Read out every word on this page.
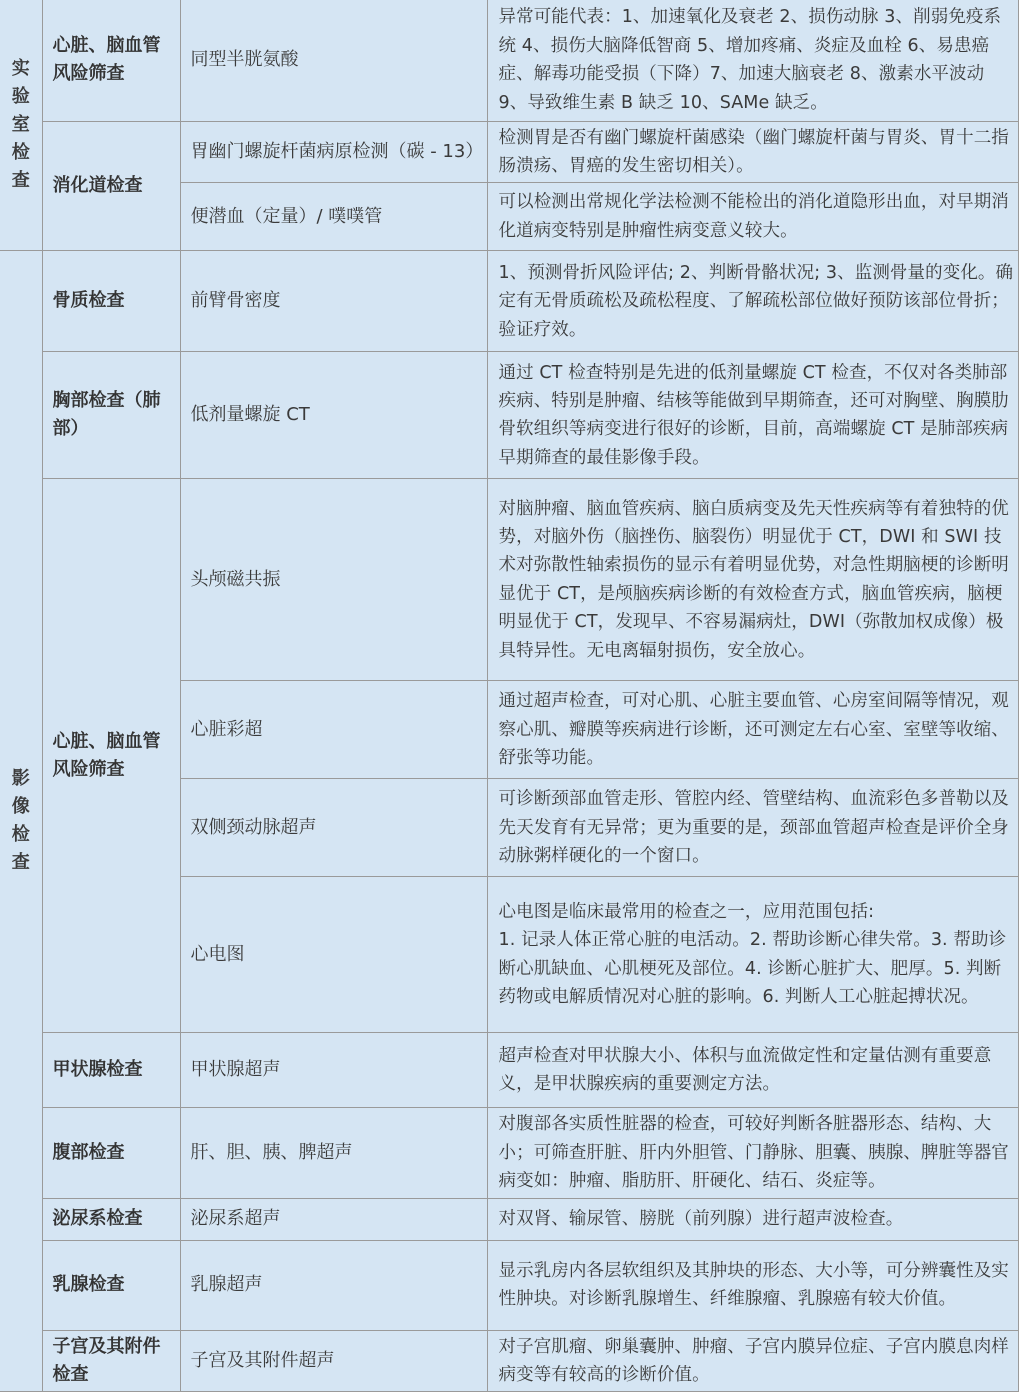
实验室检查	心脏、脑血管风险筛查	同型半胱氨酸	异常可能代表：1、加速氧化及衰老 2、损伤动脉 3、削弱免疫系统 4、损伤大脑降低智商 5、增加疼痛、炎症及血栓 6、易患癌症、解毒功能受损（下降）7、加速大脑衰老 8、激素水平波动 9、导致维生素 B 缺乏 10、SAMe 缺乏。
	消化道检查	胃幽门螺旋杆菌病原检测（碳 - 13）	检测胃是否有幽门螺旋杆菌感染（幽门螺旋杆菌与胃炎、胃十二指肠溃疡、胃癌的发生密切相关）。
		便潜血（定量）/ 噗噗管	可以检测出常规化学法检测不能检出的消化道隐形出血，对早期消化道病变特别是肿瘤性病变意义较大。
影像检查	骨质检查	前臂骨密度	1、预测骨折风险评估; 2、判断骨骼状况; 3、监测骨量的变化。确定有无骨质疏松及疏松程度、了解疏松部位做好预防该部位骨折；验证疗效。
	胸部检查（肺部）	低剂量螺旋 CT	通过 CT 检查特别是先进的低剂量螺旋 CT 检查，不仅对各类肺部疾病、特别是肿瘤、结核等能做到早期筛查，还可对胸壁、胸膜肋骨软组织等病变进行很好的诊断，目前，高端螺旋 CT 是肺部疾病早期筛查的最佳影像手段。
	心脏、脑血管风险筛查	头颅磁共振	对脑肿瘤、脑血管疾病、脑白质病变及先天性疾病等有着独特的优势，对脑外伤（脑挫伤、脑裂伤）明显优于 CT，DWI 和 SWI 技术对弥散性轴索损伤的显示有着明显优势，对急性期脑梗的诊断明显优于 CT，是颅脑疾病诊断的有效检查方式，脑血管疾病，脑梗明显优于 CT，发现早、不容易漏病灶，DWI（弥散加权成像）极具特异性。无电离辐射损伤，安全放心。
		心脏彩超	通过超声检查，可对心肌、心脏主要血管、心房室间隔等情况，观察心肌、瓣膜等疾病进行诊断，还可测定左右心室、室壁等收缩、舒张等功能。
		双侧颈动脉超声	可诊断颈部血管走形、管腔内经、管壁结构、血流彩色多普勒以及先天发育有无异常；更为重要的是，颈部血管超声检查是评价全身动脉粥样硬化的一个窗口。
		心电图	心电图是临床最常用的检查之一，应用范围包括:
1. 记录人体正常心脏的电活动。2. 帮助诊断心律失常。3. 帮助诊断心肌缺血、心肌梗死及部位。4. 诊断心脏扩大、肥厚。5. 判断药物或电解质情况对心脏的影响。6. 判断人工心脏起搏状况。
	甲状腺检查	甲状腺超声	超声检查对甲状腺大小、体积与血流做定性和定量估测有重要意义，是甲状腺疾病的重要测定方法。
	腹部检查	肝、胆、胰、脾超声	对腹部各实质性脏器的检查，可较好判断各脏器形态、结构、大小；可筛查肝脏、肝内外胆管、门静脉、胆囊、胰腺、脾脏等器官病变如：肿瘤、脂肪肝、肝硬化、结石、炎症等。
	泌尿系检查	泌尿系超声	对双肾、输尿管、膀胱（前列腺）进行超声波检查。
	乳腺检查	乳腺超声	显示乳房内各层软组织及其肿块的形态、大小等，可分辨囊性及实性肿块。对诊断乳腺增生、纤维腺瘤、乳腺癌有较大价值。
	子宫及其附件检查	子宫及其附件超声	对子宫肌瘤、卵巢囊肿、肿瘤、子宫内膜异位症、子宫内膜息肉样病变等有较高的诊断价值。
